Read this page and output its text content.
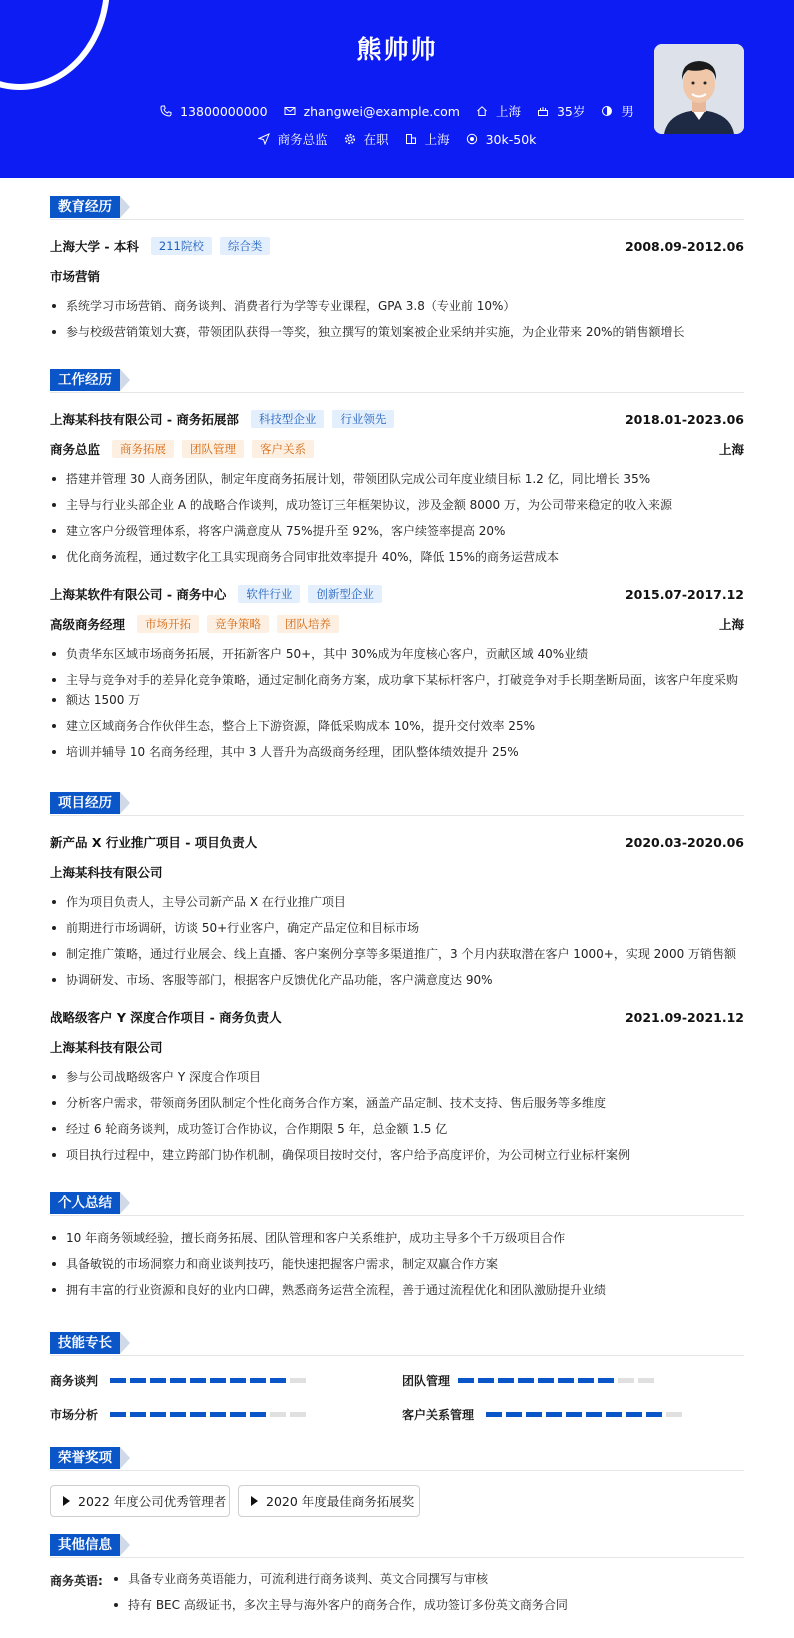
熊帅帅
13800000000	zhangwei@example.com	上海	35岁	男
商务总监	在职	上海	30k-50k
教育经历
上海大学 - 本科	211院校	综合类	2008.09-2012.06
市场营销
系统学习市场营销、商务谈判、消费者行为学等专业课程，GPA 3.8（专业前 10%）
参与校级营销策划大赛，带领团队获得一等奖，独立撰写的策划案被企业采纳并实施，为企业带来 20%的销售额增长
工作经历
上海某科技有限公司 - 商务拓展部	科技型企业	行业领先	2018.01-2023.06
商务总监	商务拓展	团队管理	客户关系	上海
搭建并管理 30 人商务团队，制定年度商务拓展计划，带领团队完成公司年度业绩目标 1.2 亿，同比增长 35%
主导与行业头部企业 A 的战略合作谈判，成功签订三年框架协议，涉及金额 8000 万，为公司带来稳定的收入来源
建立客户分级管理体系，将客户满意度从 75%提升至 92%，客户续签率提高 20%
优化商务流程，通过数字化工具实现商务合同审批效率提升 40%，降低 15%的商务运营成本
上海某软件有限公司 - 商务中心	软件行业	创新型企业	2015.07-2017.12
高级商务经理	市场开拓	竞争策略	团队培养	上海
负责华东区域市场商务拓展，开拓新客户 50+，其中 30%成为年度核心客户，贡献区域 40%业绩
主导与竞争对手的差异化竞争策略，通过定制化商务方案，成功拿下某标杆客户，打破竞争对手长期垄断局面，该客户年度采购
额达 1500 万
建立区域商务合作伙伴生态，整合上下游资源，降低采购成本 10%，提升交付效率 25%
培训并辅导 10 名商务经理，其中 3 人晋升为高级商务经理，团队整体绩效提升 25%
项目经历
新产品 X 行业推广项目 - 项目负责人	2020.03-2020.06
上海某科技有限公司
作为项目负责人，主导公司新产品 X 在行业推广项目
前期进行市场调研，访谈 50+行业客户，确定产品定位和目标市场
制定推广策略，通过行业展会、线上直播、客户案例分享等多渠道推广，3 个月内获取潜在客户 1000+，实现 2000 万销售额
协调研发、市场、客服等部门，根据客户反馈优化产品功能，客户满意度达 90%
战略级客户 Y 深度合作项目 - 商务负责人	2021.09-2021.12
上海某科技有限公司
参与公司战略级客户 Y 深度合作项目
分析客户需求，带领商务团队制定个性化商务合作方案，涵盖产品定制、技术支持、售后服务等多维度
经过 6 轮商务谈判，成功签订合作协议，合作期限 5 年，总金额 1.5 亿
项目执行过程中，建立跨部门协作机制，确保项目按时交付，客户给予高度评价，为公司树立行业标杆案例
个人总结
10 年商务领域经验，擅长商务拓展、团队管理和客户关系维护，成功主导多个千万级项目合作
具备敏锐的市场洞察力和商业谈判技巧，能快速把握客户需求，制定双赢合作方案
拥有丰富的行业资源和良好的业内口碑，熟悉商务运营全流程，善于通过流程优化和团队激励提升业绩
技能专长
商务谈判	团队管理
市场分析	客户关系管理
荣誉奖项
2022 年度公司优秀管理者	2020 年度最佳商务拓展奖
其他信息
商务英语:	具备专业商务英语能力，可流利进行商务谈判、英文合同撰写与审核
持有 BEC 高级证书，多次主导与海外客户的商务合作，成功签订多份英文商务合同
